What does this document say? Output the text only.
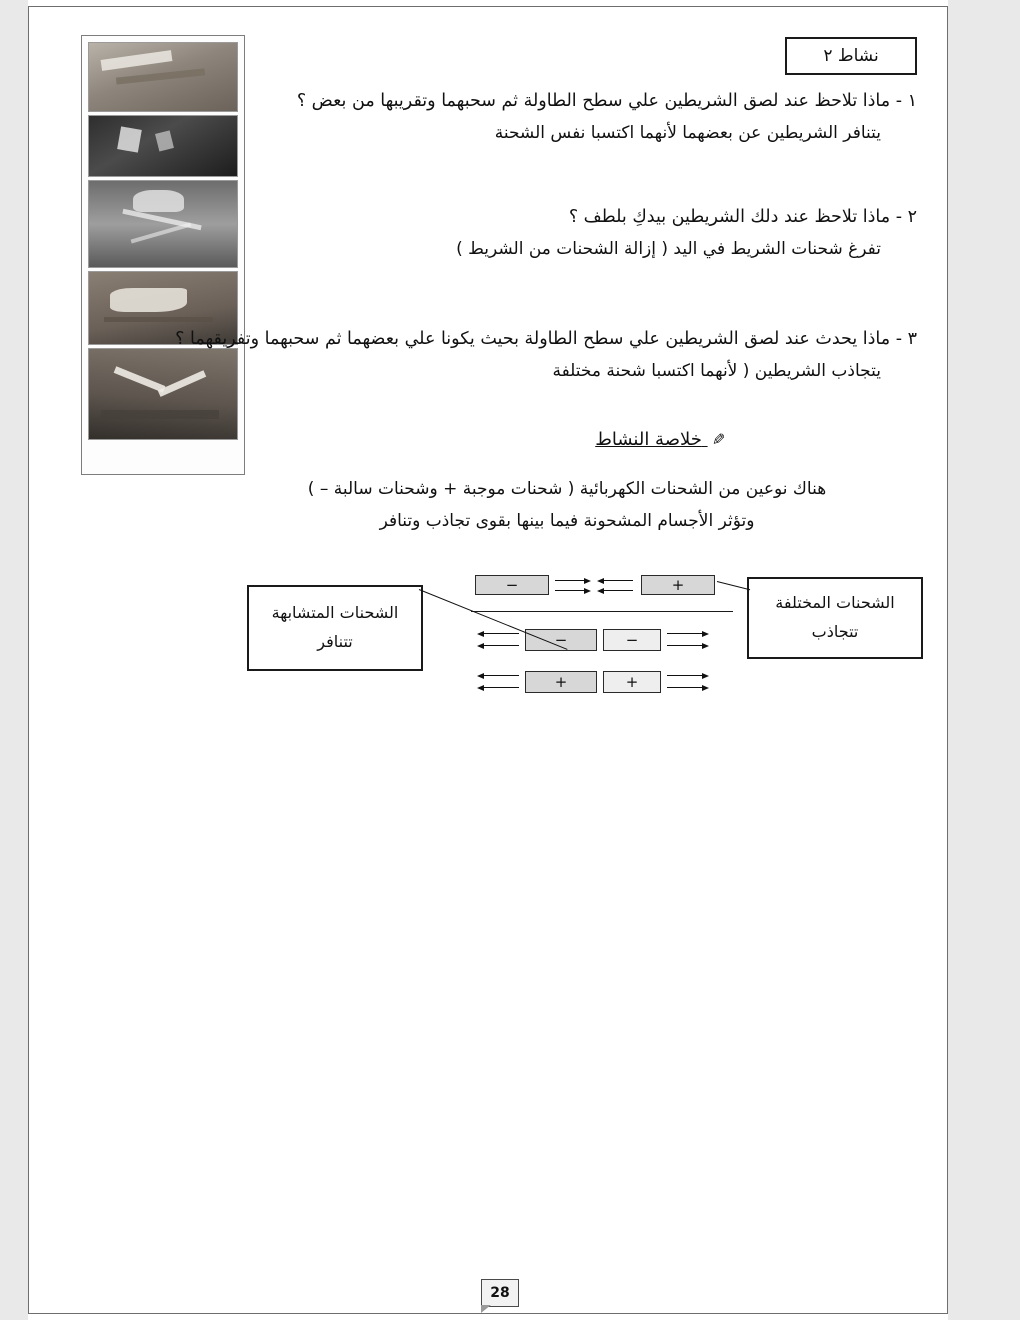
نشاط ٢
١ - ماذا تلاحظ عند لصق الشريطين علي سطح الطاولة ثم سحبهما وتقريبها من بعض ؟
يتنافر الشريطين عن بعضهما لأنهما اكتسبا نفس الشحنة
٢ - ماذا تلاحظ عند دلك الشريطين بيدكِ بلطف ؟
تفرغ شحنات الشريط في اليد ( إزالة الشحنات من الشريط )
٣ - ماذا يحدث عند لصق الشريطين علي سطح الطاولة بحيث يكونا علي بعضهما ثم سحبهما وتفريقهما ؟
يتجاذب الشريطين ( لأنهما اكتسبا شحنة مختلفة
✎ خلاصة النشاط
هناك نوعين من الشحنات الكهربائية ( شحنات موجبة + وشحنات سالبة – )
وتؤثر الأجسام المشحونة فيما بينها بقوى تجاذب وتنافر
الشحنات المتشابهة
تتنافر
الشحنات المختلفة
تتجاذب
−	+
−	−
+	+
28
